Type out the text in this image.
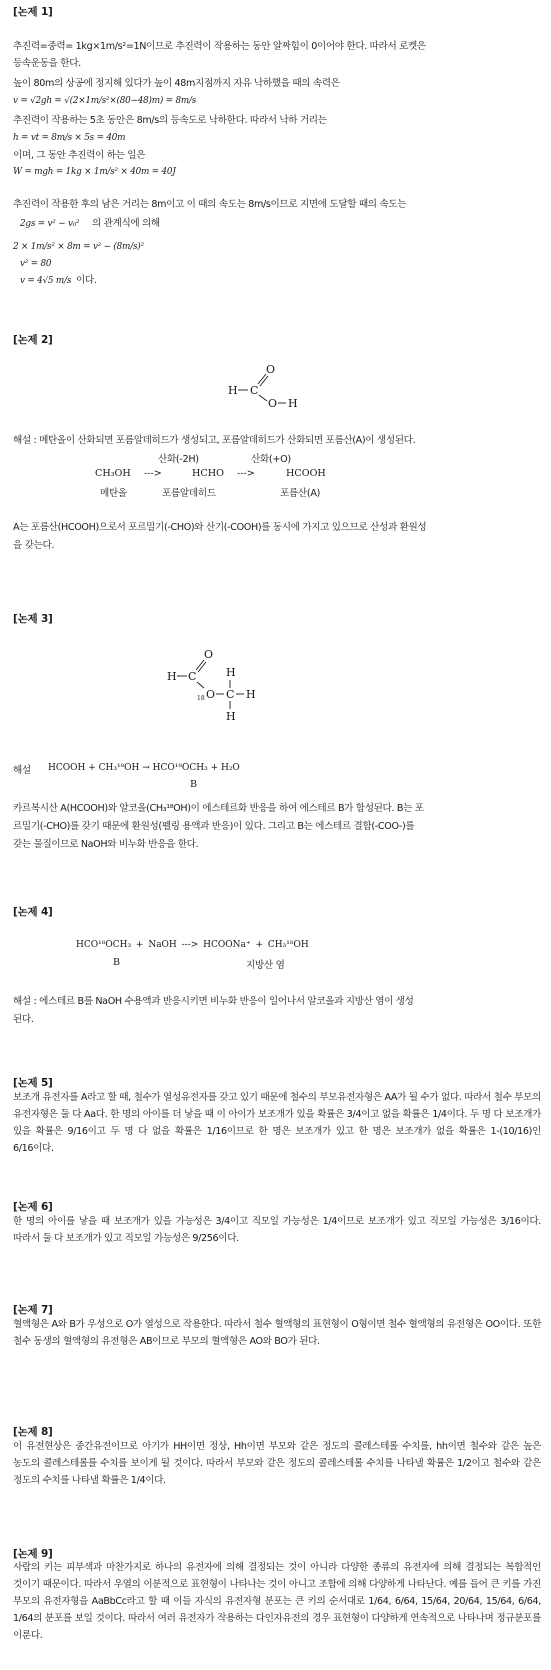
[논제 1]
추진력=중력= 1kg×1m/s²=1N이므로 추진력이 작용하는 동안 알짜힘이 0이어야 한다. 따라서 로켓은
등속운동을 한다.
높이 80m의 상공에 정지해 있다가 높이 48m지점까지 자유 낙하했을 때의 속력은
v = √2gh = √(2×1m/s²×(80−48)m) = 8m/s
추진력이 작용하는 5초 동안은 8m/s의 등속도로 낙하한다. 따라서 낙하 거리는
h = vt = 8m/s × 5s = 40m
이며, 그 동안 추진력이 하는 일은
W = mgh = 1kg × 1m/s² × 40m = 40J
추진력이 작용한 후의 남은 거리는 8m이고 이 때의 속도는 8m/s이므로 지면에 도달할 때의 속도는
2gs = v² − v₀² 의 관계식에 의해
2 × 1m/s² × 8m = v² − (8m/s)²
v² = 80
v = 4√5 m/s 이다.
[논제 2]
H C
O
O H
해설 : 메탄올이 산화되면 포름알데히드가 생성되고, 포름알데히드가 산화되면 포름산(A)이 생성된다.
산화(-2H)	산화(+O)
CH₃OH --->	HCHO --->	HCOOH
메탄올	포름알데히드	포름산(A)
A는 포름산(HCOOH)으로서 포르밀기(-CHO)와 산기(-COOH)를 동시에 가지고 있으므로 산성과 환원성
을 갖는다.
[논제 3]
H C
O
18 O C
H
H
H
해설 HCOOH + CH₃¹⁸OH → HCO¹⁸OCH₃ + H₂O
B
카르복시산 A(HCOOH)와 알코올(CH₃¹⁸OH)이 에스테르화 반응을 하여 에스테르 B가 합성된다. B는 포
르밀기(-CHO)를 갖기 때문에 환원성(펠링 용액과 반응)이 있다. 그리고 B는 에스테르 결합(-COO-)를
갖는 물질이므로 NaOH와 비누화 반응을 한다.
[논제 4]
HCO¹⁸OCH₃ + NaOH ---> HCOONa⁺ + CH₃¹⁸OH
B	지방산 염
해설 : 에스테르 B를 NaOH 수용액과 반응시키면 비누화 반응이 일어나서 알코올과 지방산 염이 생성
된다.
[논제 5]
보조개 유전자를 A라고 할 때, 철수가 열성유전자를 갖고 있기 때문에 철수의 부모유전자형은 AA가 될 수가 없다. 따라서 철수 부모의 유전자형은 둘 다 Aa다. 한 명의 아이를 더 낳을 때 이 아이가 보조개가 있을 확률은 3/4이고 없을 확률은 1/4이다. 두 명 다 보조개가 있을 확률은 9/16이고 두 명 다 없을 확률은 1/16이므로 한 명은 보조개가 있고 한 명은 보조개가 없을 확률은 1-(10/16)인 6/16이다.
[논제 6]
한 명의 아이를 낳을 때 보조개가 있을 가능성은 3/4이고 직모일 가능성은 1/4이므로 보조개가 있고 직모일 가능성은 3/16이다. 따라서 둘 다 보조개가 있고 직모일 가능성은 9/256이다.
[논제 7]
혈액형은 A와 B가 우성으로 O가 열성으로 작용한다. 따라서 철수 혈액형의 표현형이 O형이면 철수 혈액형의 유전형은 OO이다. 또한 철수 동생의 혈액형의 유전형은 AB이므로 부모의 혈액형은 AO와 BO가 된다.
[논제 8]
이 유전현상은 중간유전이므로 아기가 HH이면 정상, Hh이면 부모와 같은 정도의 콜레스테롤 수치를, hh이면 철수와 같은 높은 농도의 콜레스테롤를 수치를 보이게 될 것이다. 따라서 부모와 같은 정도의 콜레스테롤 수치를 나타낼 확률은 1/2이고 철수와 같은 정도의 수치를 나타낼 확률은 1/4이다.
[논제 9]
사람의 키는 피부색과 마찬가지로 하나의 유전자에 의해 결정되는 것이 아니라 다양한 종류의 유전자에 의해 결정되는 복합적인 것이기 때문이다. 따라서 우열의 이분적으로 표현형이 나타나는 것이 아니고 조합에 의해 다양하게 나타난다. 예를 들어 큰 키를 가진 부모의 유전자형을 AaBbCc라고 할 때 이들 자식의 유전자형 분포는 큰 키의 순서대로 1/64, 6/64, 15/64, 20/64, 15/64, 6/64, 1/64의 분포를 보일 것이다. 따라서 여러 유전자가 작용하는 다인자유전의 경우 표현형이 다양하게 연속적으로 나타나며 정규분포를 이룬다.
